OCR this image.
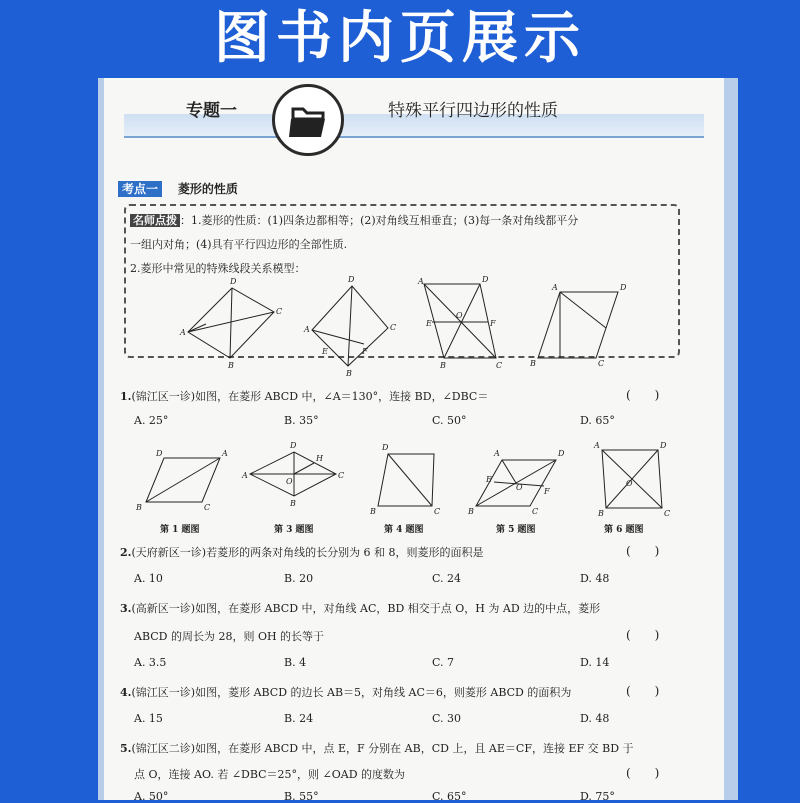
图书内页展示
专题一	特殊平行四边形的性质
考点一 菱形的性质
名师点拨 ：1.菱形的性质：(1)四条边都相等；(2)对角线互相垂直；(3)每一条对角线都平分
一组内对角；(4)具有平行四边形的全部性质.
2.菱形中常见的特殊线段关系模型：
A
D
C
B
A
D
C
B
E	F
A	D
B	C
E	F
O
A	D
B	C
1.(锦江区一诊)如图，在菱形 ABCD 中，∠A＝130°，连接 BD，∠DBC＝	(　　)
A. 25°	B. 35°	C. 50°	D. 65°
D	A
B	C
A
D
C
B
H
O
D
B	C
A	D
B	C
E
F
O
A	D
B	C
O
第 1 题图	第 3 题图	第 4 题图	第 5 题图	第 6 题图
2.(天府新区一诊)若菱形的两条对角线的长分别为 6 和 8，则菱形的面积是	(　　)
A. 10	B. 20	C. 24	D. 48
3.(高新区一诊)如图，在菱形 ABCD 中，对角线 AC，BD 相交于点 O，H 为 AD 边的中点，菱形
ABCD 的周长为 28，则 OH 的长等于	(　　)
A. 3.5	B. 4	C. 7	D. 14
4.(锦江区一诊)如图，菱形 ABCD 的边长 AB＝5，对角线 AC＝6，则菱形 ABCD 的面积为	(　　)
A. 15	B. 24	C. 30	D. 48
5.(锦江区二诊)如图，在菱形 ABCD 中，点 E，F 分别在 AB，CD 上，且 AE＝CF，连接 EF 交 BD 于
点 O，连接 AO. 若 ∠DBC＝25°，则 ∠OAD 的度数为	(　　)
A. 50°	B. 55°	C. 65°	D. 75°
